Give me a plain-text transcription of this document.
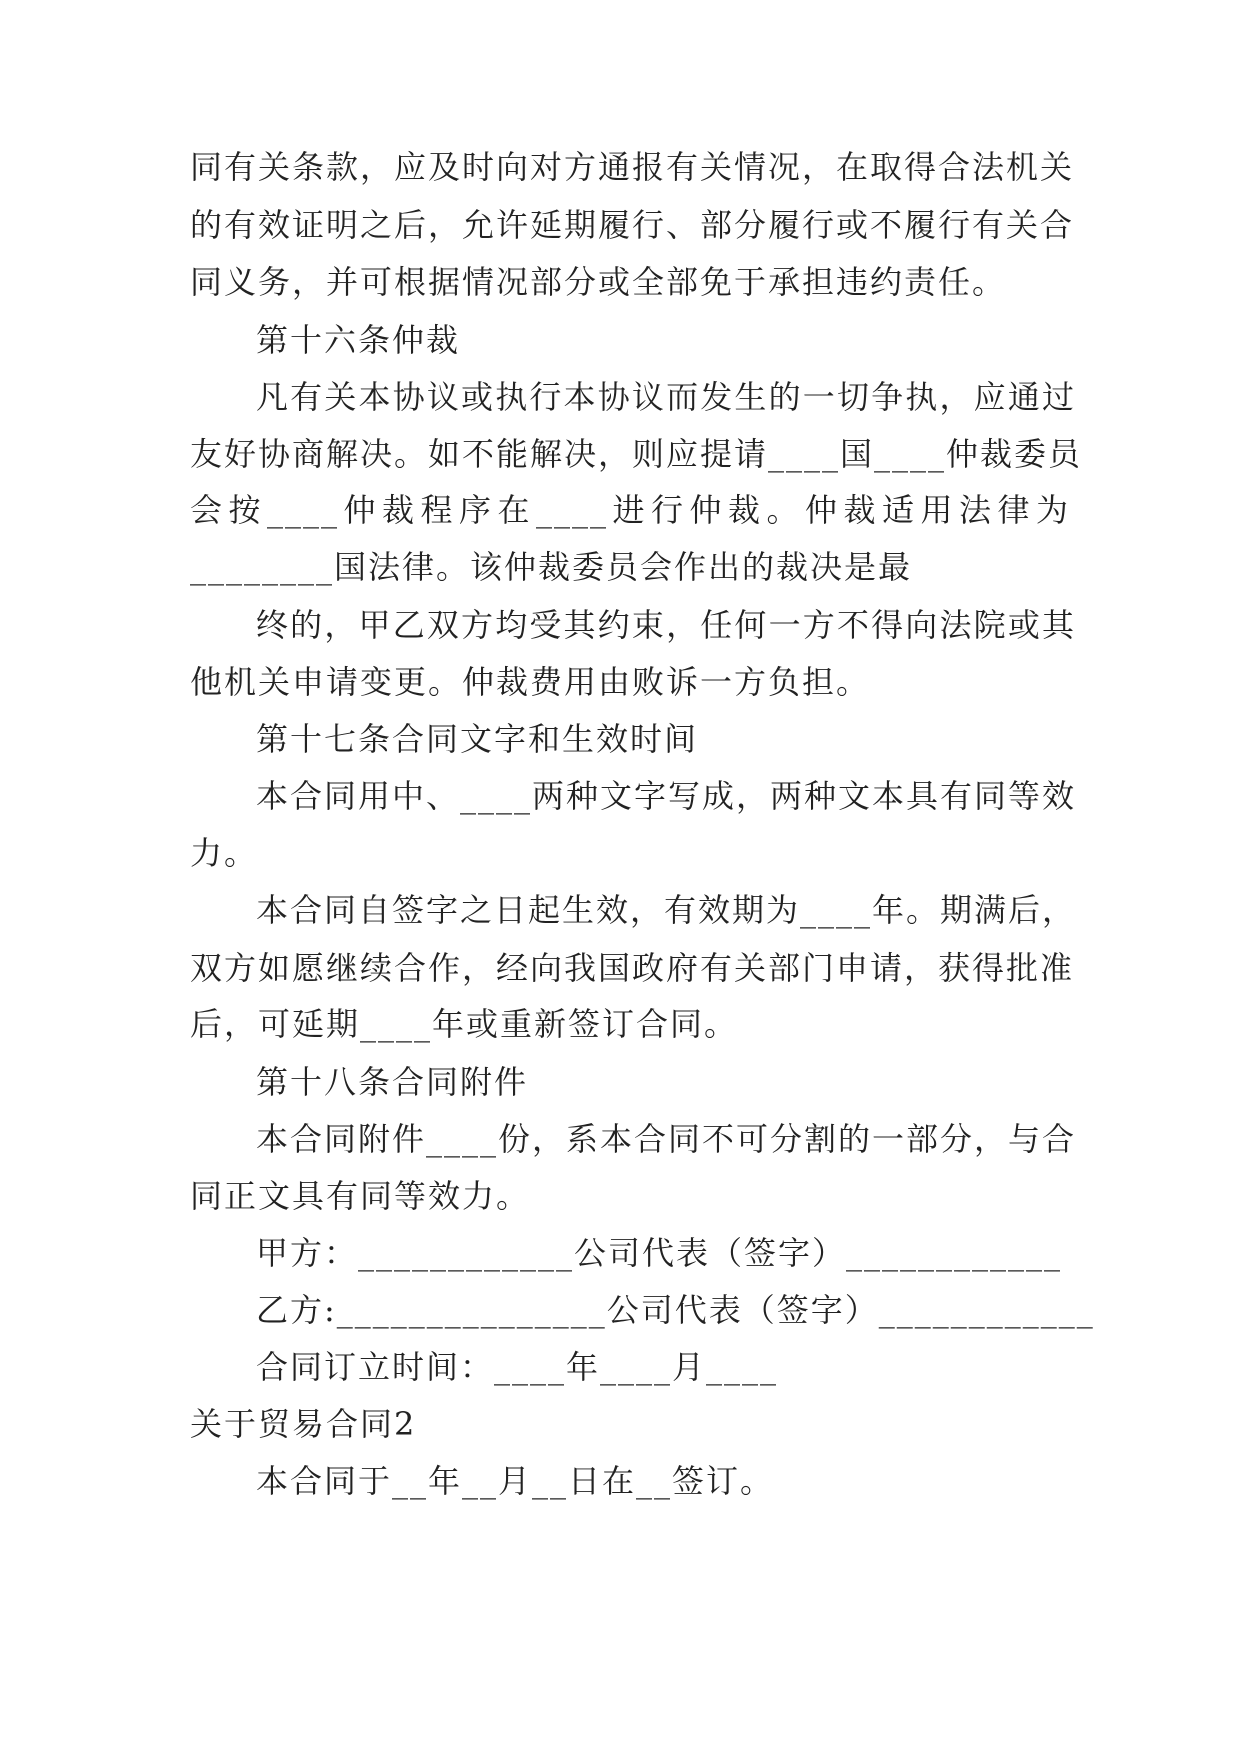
同有关条款，应及时向对方通报有关情况，在取得合法机关
的有效证明之后，允许延期履行、部分履行或不履行有关合
同义务，并可根据情况部分或全部免于承担违约责任。
第十六条仲裁
凡有关本协议或执行本协议而发生的一切争执，应通过
友好协商解决。如不能解决，则应提请____国____仲裁委员
会按____仲裁程序在____进行仲裁。仲裁适用法律为
________国法律。该仲裁委员会作出的裁决是最
终的，甲乙双方均受其约束，任何一方不得向法院或其
他机关申请变更。仲裁费用由败诉一方负担。
第十七条合同文字和生效时间
本合同用中、____两种文字写成，两种文本具有同等效
力。
本合同自签字之日起生效，有效期为____年。期满后，
双方如愿继续合作，经向我国政府有关部门申请，获得批准
后，可延期____年或重新签订合同。
第十八条合同附件
本合同附件____份，系本合同不可分割的一部分，与合
同正文具有同等效力。
甲方：____________公司代表（签字）____________
乙方:_______________公司代表（签字）____________
合同订立时间：____年____月____
关于贸易合同2
本合同于__年__月__日在__签订。
